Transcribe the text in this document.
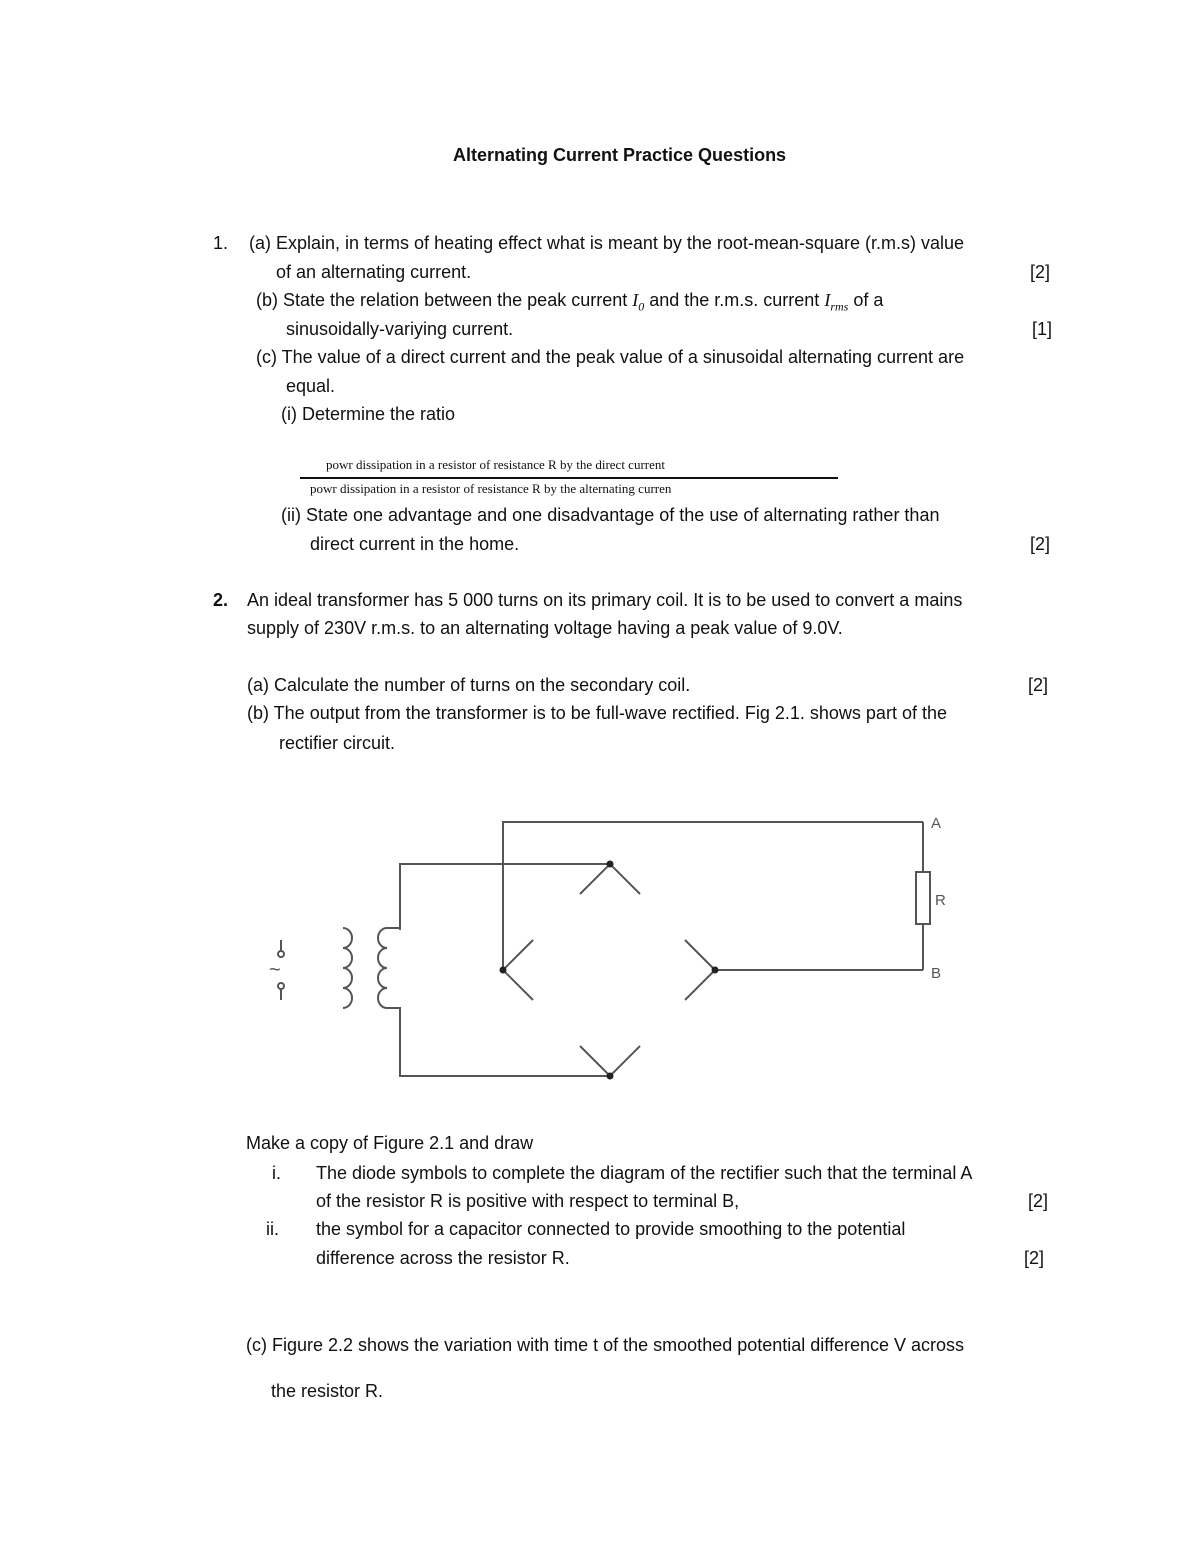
Alternating Current Practice Questions
1. (a) Explain, in terms of heating effect what is meant by the root-mean-square (r.m.s) value
of an alternating current.	[2]
(b) State the relation between the peak current $I_0$ and the r.m.s. current $I_{rms}$ of a
sinusoidally-variying current.	[1]
(c) The value of a direct current and the peak value of a sinusoidal alternating current are
equal.
(i) Determine the ratio
powr dissipation in a resistor of resistance R by the direct current
powr dissipation in a resistor of resistance R by the alternating curren
(ii) State one advantage and one disadvantage of the use of alternating rather than
direct current in the home.	[2]
2. An ideal transformer has 5 000 turns on its primary coil. It is to be used to convert a mains
supply of 230V r.m.s. to an alternating voltage having a peak value of 9.0V.
(a) Calculate the number of turns on the secondary coil.	[2]
(b) The output from the transformer is to be full-wave rectified. Fig 2.1. shows part of the
rectifier circuit.
~
A
R
B
Make a copy of Figure 2.1 and draw
i. The diode symbols to complete the diagram of the rectifier such that the terminal A
of the resistor R is positive with respect to terminal B,	[2]
ii. the symbol for a capacitor connected to provide smoothing to the potential
difference across the resistor R.	[2]
(c) Figure 2.2 shows the variation with time t of the smoothed potential difference V across
the resistor R.
